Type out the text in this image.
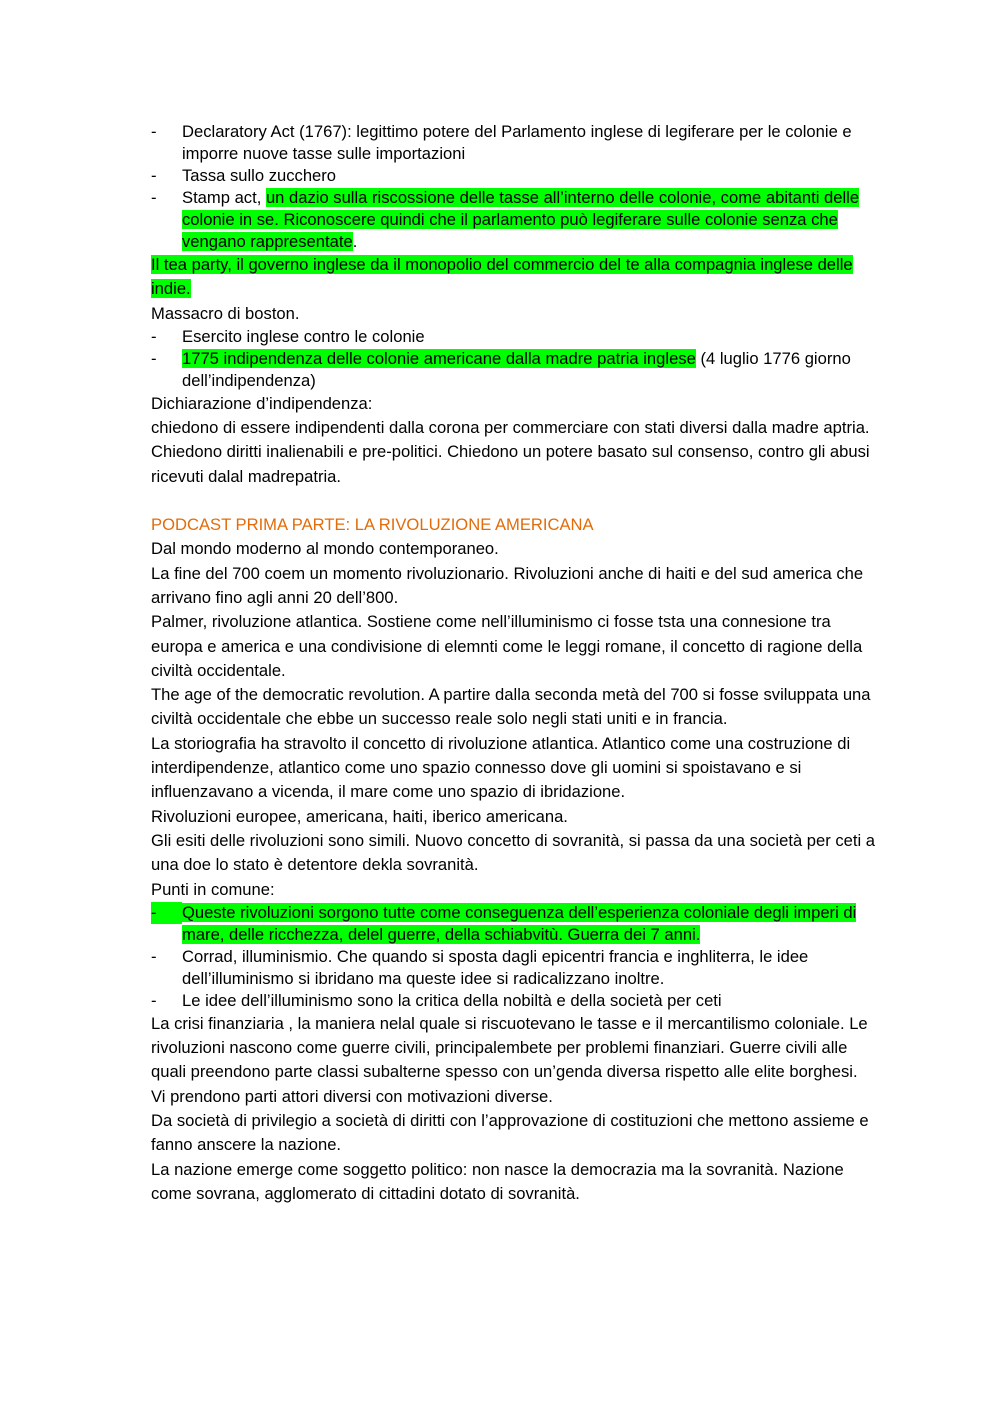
- Declaratory Act (1767): legittimo potere del Parlamento inglese di legiferare per le colonie e imporre nuove tasse sulle importazioni
- Tassa sullo zucchero
- Stamp act, un dazio sulla riscossione delle tasse all’interno delle colonie, come abitanti delle colonie in se. Riconoscere quindi che il parlamento può legiferare sulle colonie senza che vengano rappresentate.

Il tea party, il governo inglese da il monopolio del commercio del te alla compagnia inglese delle indie.

Massacro di boston.

- Esercito inglese contro le colonie
- 1775 indipendenza delle colonie americane dalla madre patria inglese (4 luglio 1776 giorno dell’indipendenza)

Dichiarazione d’indipendenza:

chiedono di essere indipendenti dalla corona per commerciare con stati diversi dalla madre aptria. Chiedono diritti inalienabili e pre-politici. Chiedono un potere basato sul consenso, contro gli abusi ricevuti dalal madrepatria.

PODCAST PRIMA PARTE: LA RIVOLUZIONE AMERICANA

Dal mondo moderno al mondo contemporaneo.

La fine del 700 coem un momento rivoluzionario. Rivoluzioni anche di haiti e del sud america che arrivano fino agli anni 20 dell’800.

Palmer, rivoluzione atlantica. Sostiene come nell’illuminismo ci fosse tsta una connesione tra europa e america e una condivisione di elemnti come le leggi romane, il concetto di ragione della civiltà occidentale.

The age of the democratic revolution. A partire dalla seconda metà del 700 si fosse sviluppata una civiltà occidentale che ebbe un successo reale solo negli stati uniti e in francia.

La storiografia ha stravolto il concetto di rivoluzione atlantica. Atlantico come una costruzione di interdipendenze, atlantico come uno spazio connesso dove gli uomini si spoistavano e si influenzavano a vicenda, il mare come uno spazio di ibridazione.

Rivoluzioni europee, americana, haiti, iberico americana.

Gli esiti delle rivoluzioni sono simili. Nuovo concetto di sovranità, si passa da una società per ceti a una doe lo stato è detentore dekla sovranità.

Punti in comune:

-	Queste rivoluzioni sorgono tutte come conseguenza dell’esperienza coloniale degli imperi di mare, delle ricchezza, delel guerre, della schiabvitù. Guerra dei 7 anni.
- Corrad, illuminismio. Che quando si sposta dagli epicentri francia e inghliterra, le idee dell’illuminismo si ibridano ma queste idee si radicalizzano inoltre.
- Le idee dell’illuminismo sono la critica della nobiltà e della società per ceti

La crisi finanziaria , la maniera nelal quale si riscuotevano le tasse e il mercantilismo coloniale. Le rivoluzioni nascono come guerre civili, principalembete per problemi finanziari. Guerre civili alle quali preendono parte classi subalterne spesso con un’genda diversa rispetto alle elite borghesi.

Vi prendono parti attori diversi con motivazioni diverse.

Da società di privilegio a società di diritti con l’approvazione di costituzioni che mettono assieme e fanno anscere la nazione.

La nazione emerge come soggetto politico: non nasce la democrazia ma la sovranità. Nazione come sovrana, agglomerato di cittadini dotato di sovranità.
